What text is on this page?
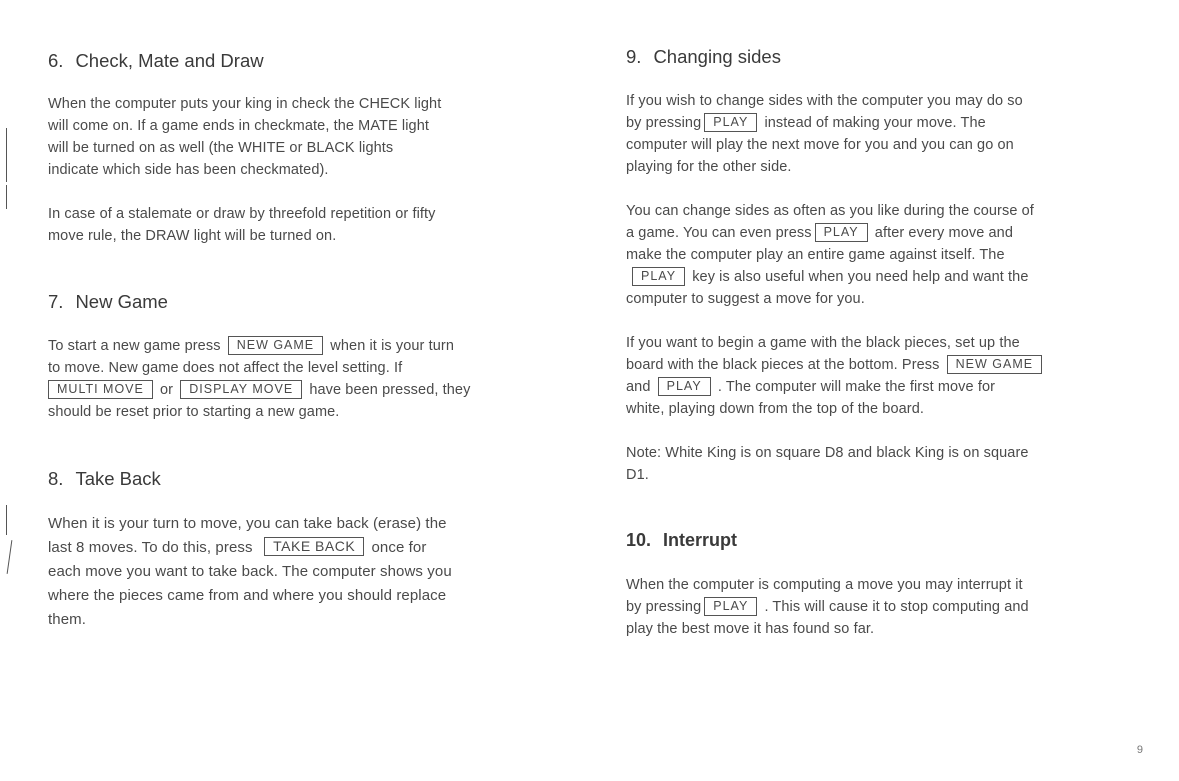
6. Check, Mate and Draw
When the computer puts your king in check the CHECK light
will come on. If a game ends in checkmate, the MATE light
will be turned on as well (the WHITE or BLACK lights
indicate which side has been checkmated).
In case of a stalemate or draw by threefold repetition or fifty
move rule, the DRAW light will be turned on.
7. New Game
To start a new game press NEW GAME when it is your turn
to move. New game does not affect the level setting. If
MULTI MOVE or DISPLAY MOVE have been pressed, they
should be reset prior to starting a new game.
8. Take Back
When it is your turn to move, you can take back (erase) the
last 8 moves. To do this, press TAKE BACK once for
each move you want to take back. The computer shows you
where the pieces came from and where you should replace
them.
9. Changing sides
If you wish to change sides with the computer you may do so
by pressing PLAY instead of making your move. The
computer will play the next move for you and you can go on
playing for the other side.
You can change sides as often as you like during the course of
a game. You can even press PLAY after every move and
make the computer play an entire game against itself. The
PLAY key is also useful when you need help and want the
computer to suggest a move for you.
If you want to begin a game with the black pieces, set up the
board with the black pieces at the bottom. Press NEW GAME
and PLAY . The computer will make the first move for
white, playing down from the top of the board.
Note: White King is on square D8 and black King is on square
D1.
10. Interrupt
When the computer is computing a move you may interrupt it
by pressing PLAY . This will cause it to stop computing and
play the best move it has found so far.
9
